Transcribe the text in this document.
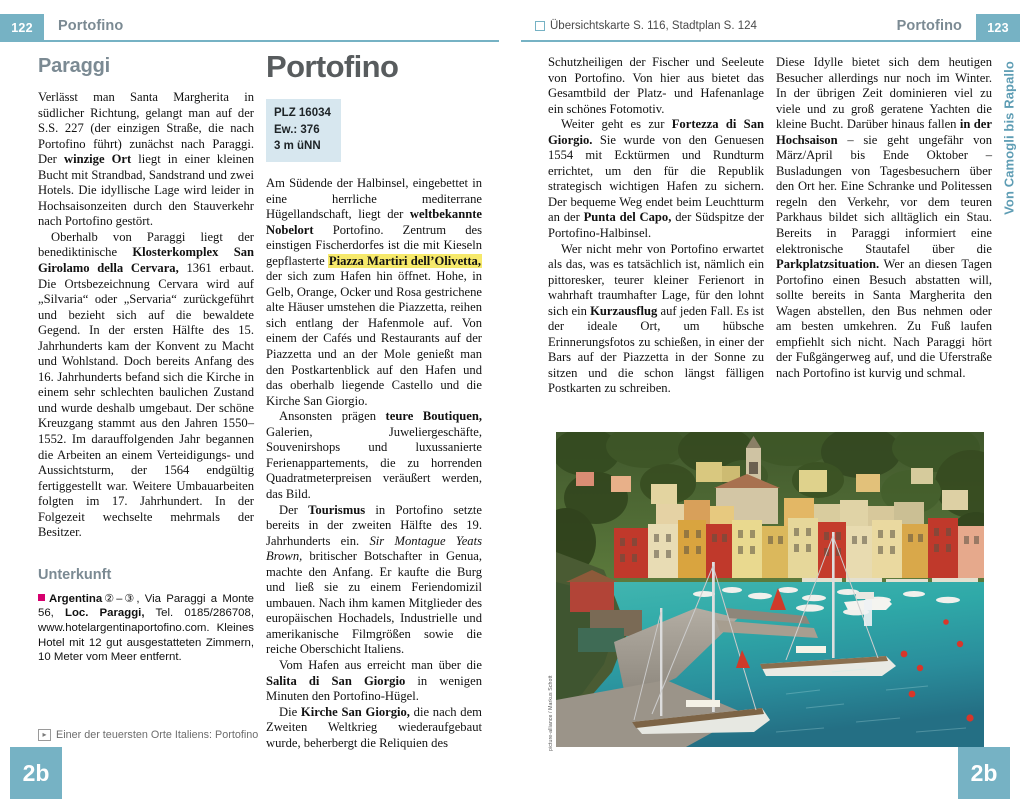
122	Portofino	Übersichtskarte S. 116, Stadtplan S. 124	Portofino	123
Paraggi

Verlässt man Santa Margherita in südlicher Richtung, gelangt man auf der S.S. 227 (der einzigen Straße, die nach Portofino führt) zunächst nach Paraggi. Der winzige Ort liegt in einer kleinen Bucht mit Strandbad, Sandstrand und zwei Hotels. Die idyllische Lage wird leider in Hochsaisonzeiten durch den Stauverkehr nach Portofino gestört.

Oberhalb von Paraggi liegt der benediktinische Klosterkomplex San Girolamo della Cervara, 1361 erbaut. Die Ortsbezeichnung Cervara wird auf „Silvaria“ oder „Servaria“ zurückgeführt und bezieht sich auf die bewaldete Gegend. In der ersten Hälfte des 15. Jahrhunderts kam der Konvent zu Macht und Wohlstand. Doch bereits Anfang des 16. Jahrhunderts befand sich die Kirche in einem sehr schlechten baulichen Zustand und wurde deshalb umgebaut. Der schöne Kreuzgang stammt aus den Jahren 1550–1552. Im darauffolgenden Jahr begannen die Arbeiten an einem Verteidigungs- und Aussichtsturm, der 1564 endgültig fertiggestellt war. Weitere Umbauarbeiten folgten im 17. Jahrhundert. In der Folgezeit wechselte mehrmals der Besitzer.

Unterkunft
Argentina②–③, Via Paraggi a Monte 56, Loc. Paraggi, Tel. 0185/286708, www.hotelargentinaportofino.com. Kleines Hotel mit 12 gut ausgestatteten Zimmern, 10 Meter vom Meer entfernt.
Portofino
PLZ 16034
Ew.: 376
3 m üNN

Am Südende der Halbinsel, eingebettet in eine herrliche mediterrane Hügellandschaft, liegt der weltbekannte Nobelort Portofino. Zentrum des einstigen Fischerdorfes ist die mit Kieseln gepflasterte Piazza Martiri dell’Olivetta, der sich zum Hafen hin öffnet. Hohe, in Gelb, Orange, Ocker und Rosa gestrichene alte Häuser umstehen die Piazzetta, reihen sich entlang der Hafenmole auf. Von einem der Cafés und Restaurants auf der Piazzetta und an der Mole genießt man den Postkartenblick auf den Hafen und das oberhalb liegende Castello und die Kirche San Giorgio.

Ansonsten prägen teure Boutiquen, Galerien, Juweliergeschäfte, Souvenirshops und luxussanierte Ferienappartements, die zu horrenden Quadratmeterpreisen veräußert werden, das Bild.

Der Tourismus in Portofino setzte bereits in der zweiten Hälfte des 19. Jahrhunderts ein. Sir Montague Yeats Brown, britischer Botschafter in Genua, machte den Anfang. Er kaufte die Burg und ließ sie zu einem Feriendomizil umbauen. Nach ihm kamen Mitglieder des europäischen Hochadels, Industrielle und amerikanische Filmgrößen sowie die reiche Oberschicht Italiens.

Vom Hafen aus erreicht man über die Salita di San Giorgio in wenigen Minuten den Portofino-Hügel.

Die Kirche San Giorgio, die nach dem Zweiten Weltkrieg wiederaufgebaut wurde, beherbergt die Reliquien des

Schutzheiligen der Fischer und Seeleute von Portofino. Von hier aus bietet das Gesamtbild der Platz- und Hafenanlage ein schönes Fotomotiv.

Weiter geht es zur Fortezza di San Giorgio. Sie wurde von den Genuesen 1554 mit Ecktürmen und Rundturm errichtet, um den für die Republik strategisch wichtigen Hafen zu sichern. Der bequeme Weg endet beim Leuchtturm an der Punta del Capo, der Südspitze der Portofino-Halbinsel.

Wer nicht mehr von Portofino erwartet als das, was es tatsächlich ist, nämlich ein pittoresker, teurer kleiner Ferienort in wahrhaft traumhafter Lage, für den lohnt sich ein Kurzausflug auf jeden Fall. Es ist der ideale Ort, um hübsche Erinnerungsfotos zu schießen, in einer der Bars auf der Piazzetta in der Sonne zu sitzen und die schon längst fälligen Postkarten zu schreiben.

Diese Idylle bietet sich dem heutigen Besucher allerdings nur noch im Winter. In der übrigen Zeit dominieren viel zu viele und zu groß geratene Yachten die kleine Bucht. Darüber hinaus fallen in der Hochsaison – sie geht ungefähr von März/April bis Ende Oktober – Busladungen von Tagesbesuchern über den Ort her. Eine Schranke und Politessen regeln den Verkehr, vor dem teuren Parkhaus bildet sich alltäglich ein Stau. Bereits in Paraggi informiert eine elektronische Stautafel über die Parkplatzsituation. Wer an diesen Tagen Portofino einen Besuch abstatten will, sollte bereits in Santa Margherita den Wagen abstellen, den Bus nehmen oder am besten umkehren. Zu Fuß laufen empfiehlt sich nicht. Nach Paraggi hört der Fußgängerweg auf, und die Uferstraße nach Portofino ist kurvig und schmal.

▸ Einer der teuersten Orte Italiens: Portofino	picture-alliance / Markus Schott
Von Camogli bis Rapallo
2b	2b
